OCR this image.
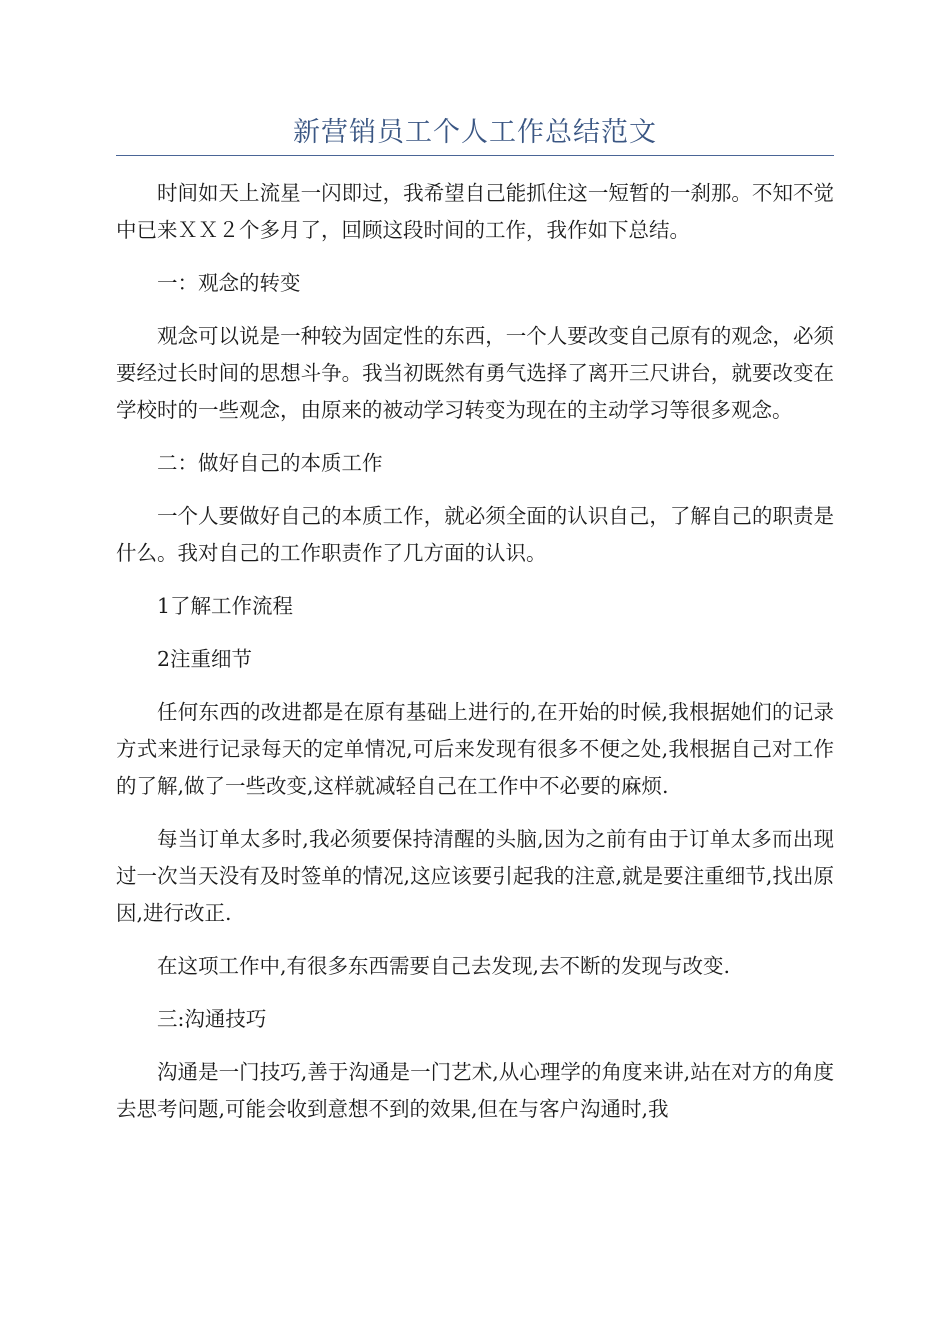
新营销员工个人工作总结范文

时间如天上流星一闪即过，我希望自己能抓住这一短暂的一刹那。不知不觉中已来ＸＸ２个多月了，回顾这段时间的工作，我作如下总结。

一：观念的转变

观念可以说是一种较为固定性的东西，一个人要改变自己原有的观念，必须要经过长时间的思想斗争。我当初既然有勇气选择了离开三尺讲台，就要改变在学校时的一些观念，由原来的被动学习转变为现在的主动学习等很多观念。

二：做好自己的本质工作

一个人要做好自己的本质工作，就必须全面的认识自己，了解自己的职责是什么。我对自己的工作职责作了几方面的认识。

1了解工作流程

2注重细节

任何东西的改进都是在原有基础上进行的,在开始的时候,我根据她们的记录方式来进行记录每天的定单情况,可后来发现有很多不便之处,我根据自己对工作的了解,做了一些改变,这样就减轻自己在工作中不必要的麻烦.

每当订单太多时,我必须要保持清醒的头脑,因为之前有由于订单太多而出现过一次当天没有及时签单的情况,这应该要引起我的注意,就是要注重细节,找出原因,进行改正.

在这项工作中,有很多东西需要自己去发现,去不断的发现与改变.

三:沟通技巧

沟通是一门技巧,善于沟通是一门艺术,从心理学的角度来讲,站在对方的角度去思考问题,可能会收到意想不到的效果,但在与客户沟通时,我
